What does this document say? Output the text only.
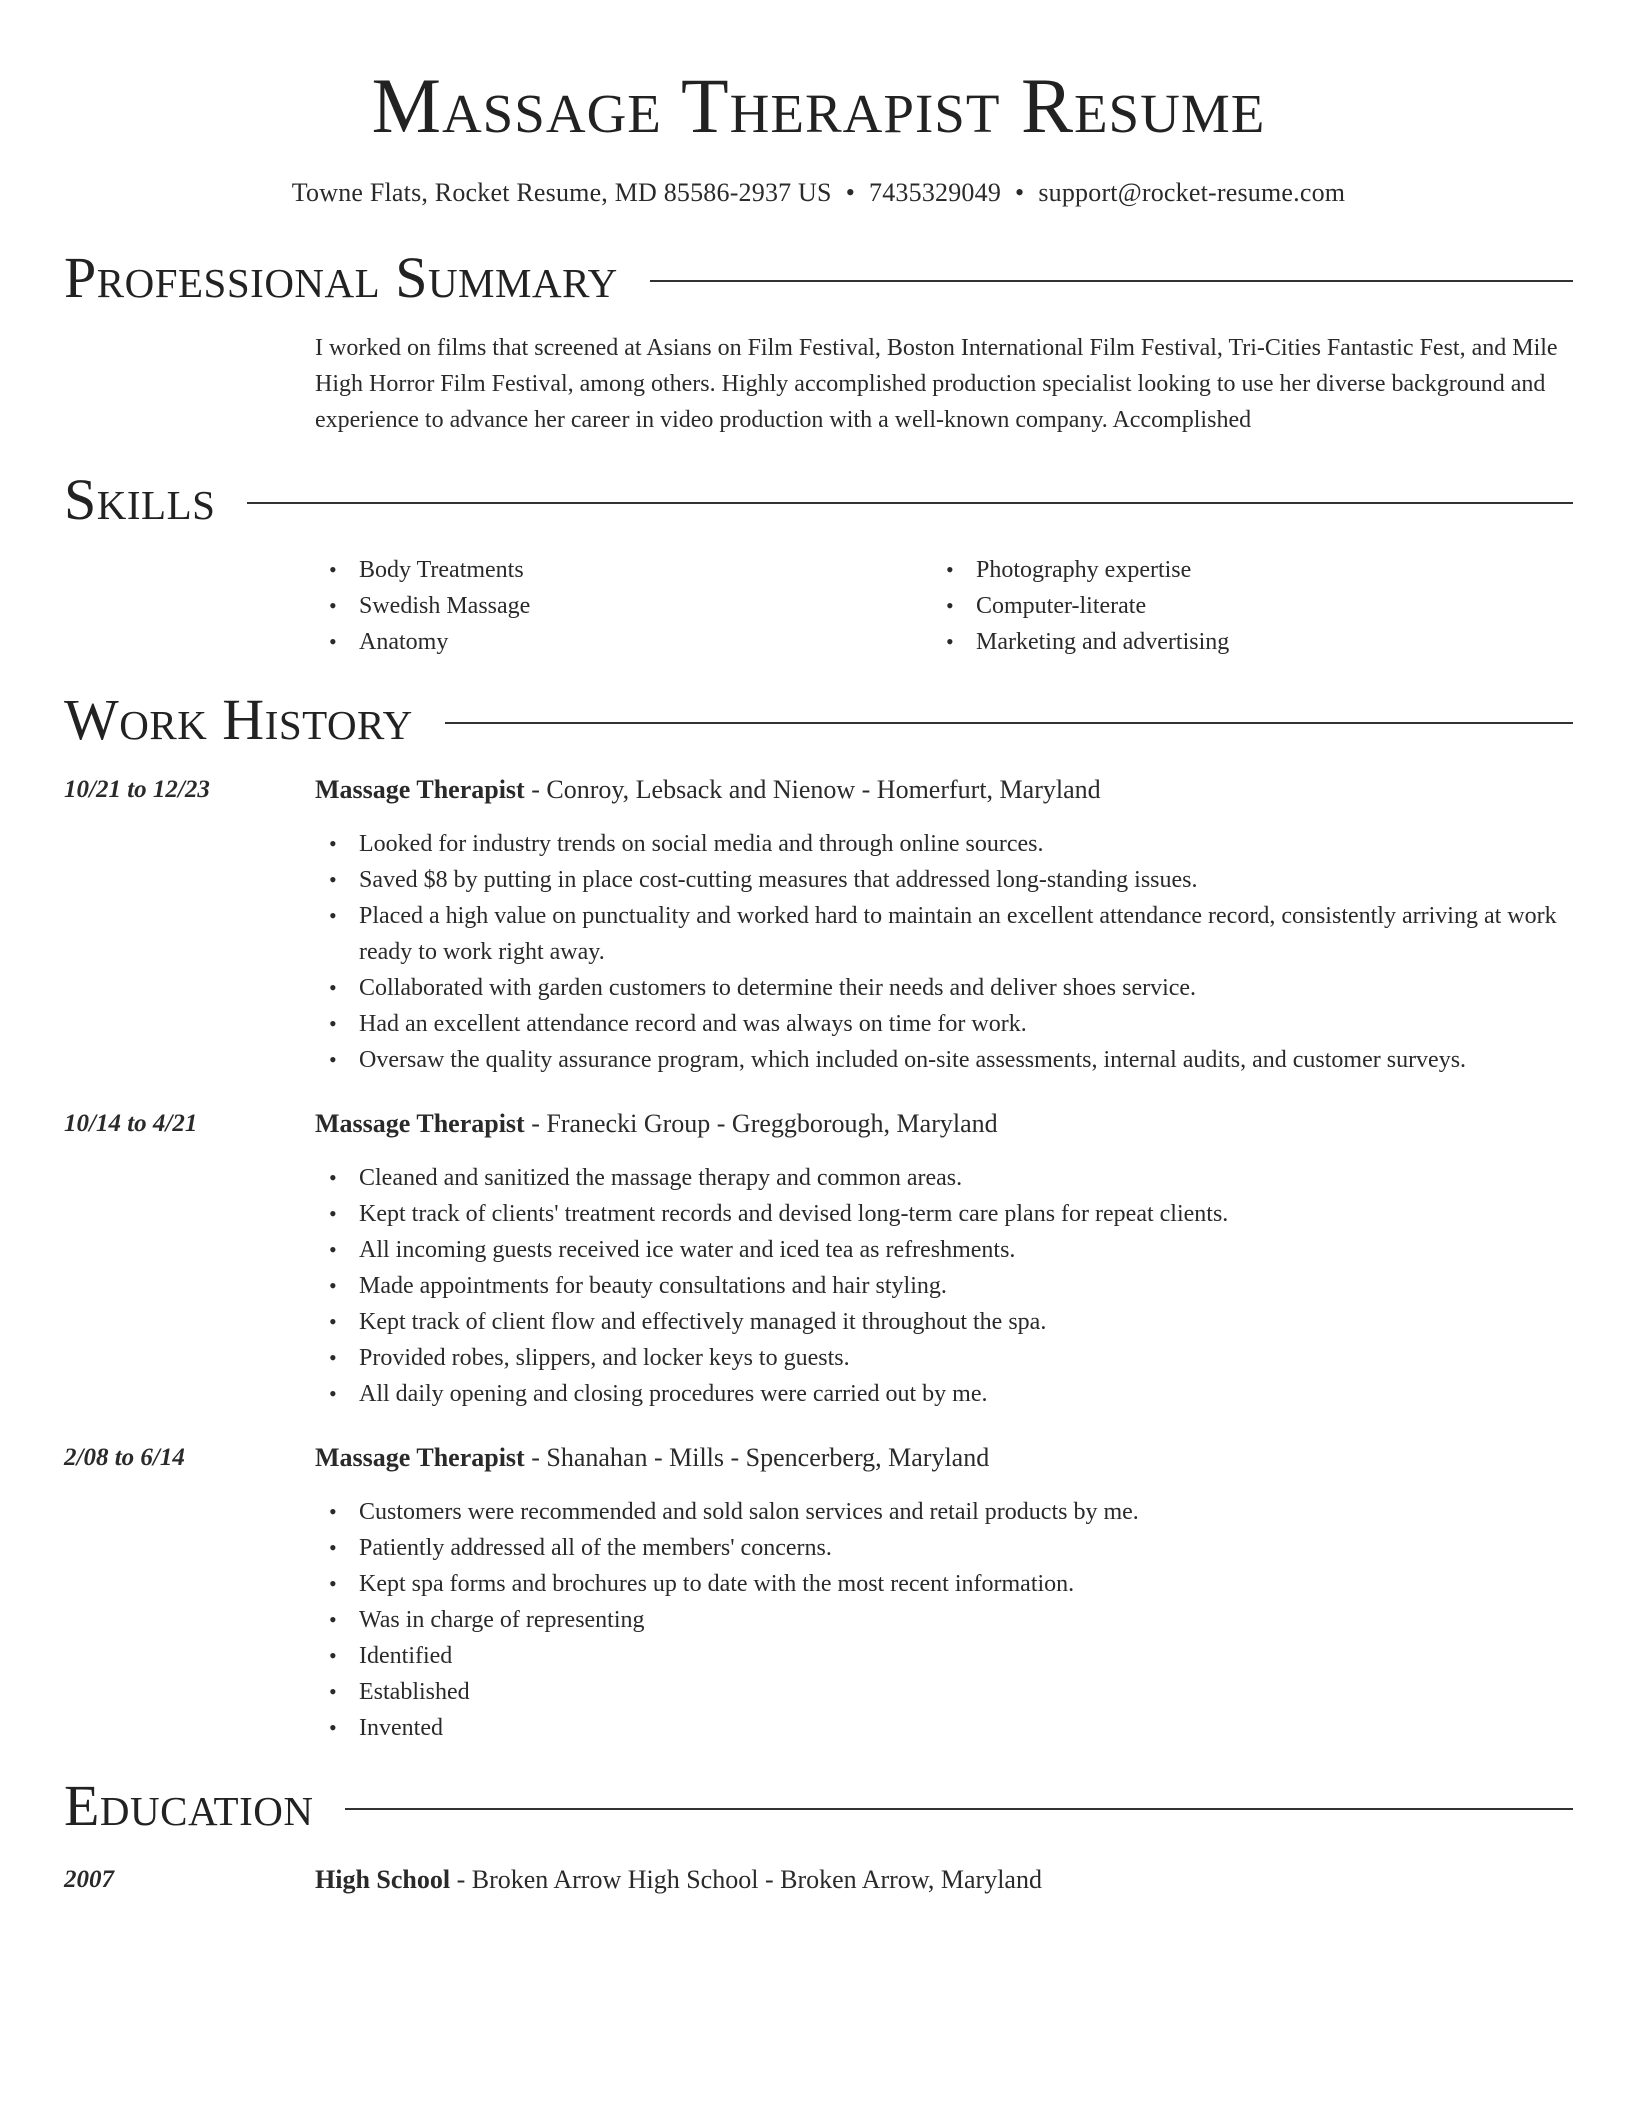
Massage Therapist Resume
Towne Flats, Rocket Resume, MD 85586-2937 US • 7435329049 • support@rocket-resume.com
Professional Summary

I worked on films that screened at Asians on Film Festival, Boston International Film Festival, Tri-Cities Fantastic Fest, and Mile High Horror Film Festival, among others. Highly accomplished production specialist looking to use her diverse background and experience to advance her career in video production with a well-known company. Accomplished

Skills
• Body Treatments
• Swedish Massage
• Anatomy
• Photography expertise
• Computer-literate
• Marketing and advertising
Work History
10/21 to 12/23	Massage Therapist - Conroy, Lebsack and Nienow - Homerfurt, Maryland
• Looked for industry trends on social media and through online sources.
• Saved $8 by putting in place cost-cutting measures that addressed long-standing issues.
• Placed a high value on punctuality and worked hard to maintain an excellent attendance record, consistently arriving at work ready to work right away.
• Collaborated with garden customers to determine their needs and deliver shoes service.
• Had an excellent attendance record and was always on time for work.
• Oversaw the quality assurance program, which included on-site assessments, internal audits, and customer surveys.
10/14 to 4/21	Massage Therapist - Franecki Group - Greggborough, Maryland
• Cleaned and sanitized the massage therapy and common areas.
• Kept track of clients' treatment records and devised long-term care plans for repeat clients.
• All incoming guests received ice water and iced tea as refreshments.
• Made appointments for beauty consultations and hair styling.
• Kept track of client flow and effectively managed it throughout the spa.
• Provided robes, slippers, and locker keys to guests.
• All daily opening and closing procedures were carried out by me.
2/08 to 6/14	Massage Therapist - Shanahan - Mills - Spencerberg, Maryland
• Customers were recommended and sold salon services and retail products by me.
• Patiently addressed all of the members' concerns.
• Kept spa forms and brochures up to date with the most recent information.
• Was in charge of representing
• Identified
• Established
• Invented
Education
2007	High School - Broken Arrow High School - Broken Arrow, Maryland
